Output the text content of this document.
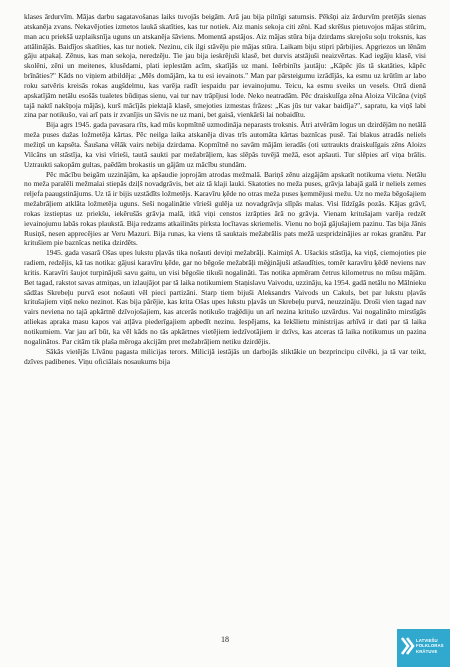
klases ārdurvīm. Mājas darbu sagatavošanas laiks tuvojās beigām. Arā jau bija pilnīgi satumsis. Pēkšņi aiz ārdurvīm pretējās sienas atskanēja zvans. Nekavējoties izmetos laukā skatīties, kas tur notiek. Aiz manis sekoja citi zēni. Kad skrēšus pietuvojos mājas stūrim, man acu priekšā uzplaiksnīja uguns un atskanēja šāviens. Momentā apstājos. Aiz mājas stūra bija dzirdams skrejošu soļu troksnis, kas attālinājās. Baidījos skatīties, kas tur notiek. Nezinu, cik ilgi stāvēju pie mājas stūra. Laikam biju stipri pārbijies. Apgriezos un lēnām gāju atpakaļ. Zēnus, kas man sekoja, neredzēju. Tie jau bija ieskrējuši klasē, bet durvis atstājuši neaizvērtas. Kad iegāju klasē, visi skolēni, zēni un meitenes, klusēdami, plati ieplestām acīm, skatījās uz mani. Ieērbinīts jautāju: „Kāpēc jūs tā skatāties, kāpēc brīnāties?" Kāds no viņiem atbildēja: „Mēs domājām, ka tu esi ievainots." Man par pārsteigumu izrādījās, ka esmu uz krūtīm ar labo roku satvēris kreisās rokas augšdelmu, kas varēja radīt iespaidu par ievainojumu. Teicu, ka esmu sveiks un vesels. Otrā dienā apskatījām netālu esošās tualetes būdiņas sienu, vai tur nav trāpījusi lode. Neko neatradām. Pēc draiskulīga zēna Aloiza Vilcāna (viņš tajā naktī nakšņoja mājās), kurš mācījās piektajā klasē, smejoties izmestas frāzes: „Kas jūs tur vakar baidīja?", sapratu, ka viņš labi zina par notikušo, vai arī pats ir zvanījis un šāvis ne uz mani, bet gaisā, vienkārši lai nobaidītu.

Bija agrs 1945. gada pavasara rīts, kad mūs kopmītnē uzmodināja neparasts troksnis. Ātri atvērām logus un dzirdējām no netālā meža puses dažas ložmetēja kārtas. Pēc neilga laika atskanēja divas trīs automāta kārtas baznīcas pusē. Tai blakus atradās neliels mežiņš un kapsēta. Šaušana vēlāk vairs nebija dzirdama. Kopmītnē no savām mājām ieradās (oti uztraukts draiskulīgais zēns Aloizs Vilcāns un stāstīja, ka visi vīrieši, tautā saukti par mežabrāļiem, kas slēpās tuvējā mežā, esot apšauti. Tur slēpies arī viņa brālis. Uztraukti sakopām gultas, paēdām brokastis un gājām uz mācību stundām.

Pēc mācību beigām uzzinājām, ka apšaudie joprojām atrodas mežmalā. Bariņš zēnu aizgājām apskatīt notikuma vietu. Netālu no meža paralēli mežmalai stiepās dziļš novadgrāvis, bet aiz tā klaji lauki. Skatoties no meža puses, grāvja labajā galā ir neliels zemes reljefa paaugstinājums. Uz tā ir bijis uzstādīts ložmetējs. Karavīru ķēde no otras meža puses ķemmējusi mežu. Uz no meža bēgošajiem mežabrāļiem atklāta ložmetēja uguns. Seši nogalinātie vīrieši gulēja uz novadgrāvja slīpās malas. Visi līdzīgās pozās. Kājas grāvī, rokas izstieptas uz priekšu, iekērušās grāvja malā, itkā viņi censtos izrāpties ārā no grāvja. Vienam kritušajam varēja redzēt ievainojumu labās rokas plaukstā. Bija redzams atkailināts pirksta locītavas skriemelis. Vienu no bojā gājušajiem pazinu. Tas bija Jānis Rusiņš, nesen apprecējies ar Veru Mazuri. Bija runas, ka viens tā sauktais mežabrālis pats mežā uzspridzinājies ar rokas granātu. Par kritušiem pie baznīcas netika dzirdēts.

1945. gada vasarā Ošas upes lukstu pļavās tika nošauti deviņi mežabrāļi. Kaimiņš A. Ušackis stāstīja, ka viņš, ciemojoties pie radiem, redzējis, kā tas notika: gājusi karavīru ķēde, gar no bēgoše mežabrāļi mēģinājuši atšaudīties, tomēr karavīru ķēdē neviens nav kritis. Karavīri šaujot turpinājuši savu gaitu, un visi bēgošie tikuši nogalināti. Tas notika apmēram četrus kilometrus no mūsu mājām. Bet tagad, rakstot savas atmiņas, un izlaujājot par tā laika notikumiem Staņislavu Vaivodu, uzzināju, ka 1954. gadā netālu no Mālnieku sādžas Skrebeļu purvā esot nošauti vēl pieci partizāni. Starp tiem bijuši Aleksandrs Vaivods un Cakuls, bet par lukstu pļavās kritušajiem viņš neko nezinot. Kas bija pārējie, kas krita Ošas upes lukstu pļavās un Skrebeļu purvā, neuzzināju. Droši vien tagad nav vairs neviena no tajā apkārtnē dzīvojošajiem, kas atcerās notikušo traģēdiju un arī nezina kritušo uzvārdus. Vai nogalināto mirstīgās atliekas apraka masu kapos vai atļāva piederīgajiem apbedīt nezinu. Iespējams, ka Iekšlietu ministrijas arhīvā ir dati par tā laika notikumiem. Var jau arī būt, ka vēl kāds no tās apkārtnes vietējiem iedzīvotājiem ir dzīvs, kas atceras tā laika notikumus un pazina nogalinātos. Par citām tik plaša mēroga akcijām pret mežabrāļiem netiku dzirdējis.

Sākās vietējās Līvānu pagasta milicijas terors. Milicijā iestājās un darbojās sliktākie un bezprincipu cilvēki, ja tā var teikt, dzīves padibenes. Viņu oficiālais nosaukums bija

18	LATVIEŠU
FOLKLORAS
KRĀTUVE
